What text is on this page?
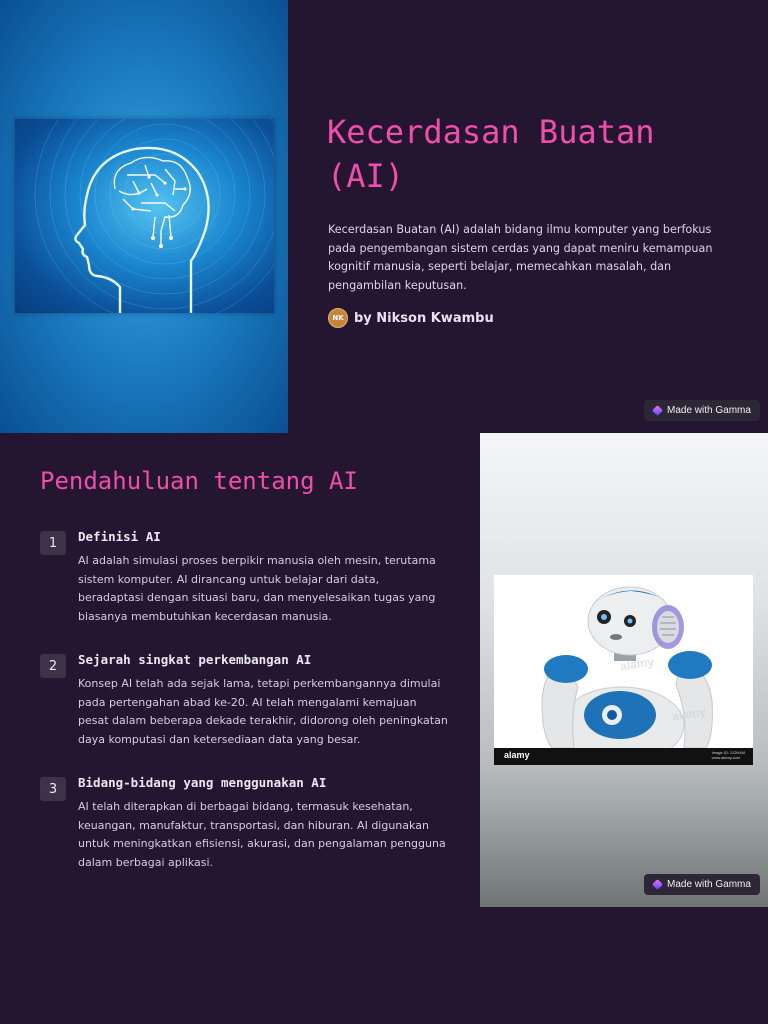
Kecerdasan Buatan
(AI)

Kecerdasan Buatan (AI) adalah bidang ilmu komputer yang berfokus pada pengembangan sistem cerdas yang dapat meniru kemampuan kognitif manusia, seperti belajar, memecahkan masalah, dan pengambilan keputusan.

NK by Nikson Kwambu
Made with Gamma
Pendahuluan tentang AI
1	Definisi AI

AI adalah simulasi proses berpikir manusia oleh mesin, terutama sistem komputer. AI dirancang untuk belajar dari data, beradaptasi dengan situasi baru, dan menyelesaikan tugas yang biasanya membutuhkan kecerdasan manusia.

2	Sejarah singkat perkembangan AI

Konsep AI telah ada sejak lama, tetapi perkembangannya dimulai pada pertengahan abad ke-20. AI telah mengalami kemajuan pesat dalam beberapa dekade terakhir, didorong oleh peningkatan daya komputasi dan ketersediaan data yang besar.

3	Bidang-bidang yang menggunakan AI

AI telah diterapkan di berbagai bidang, termasuk kesehatan, keuangan, manufaktur, transportasi, dan hiburan. AI digunakan untuk meningkatkan efisiensi, akurasi, dan pengalaman pengguna dalam berbagai aplikasi.

alamy
alamy
alamy	Image ID: 2J2H4M
www.alamy.com
Made with Gamma
